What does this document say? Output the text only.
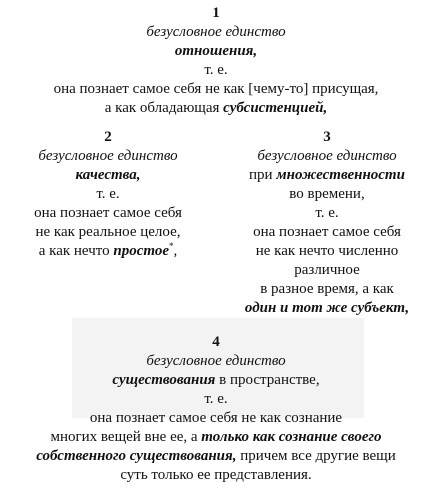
1
безусловное единство
отношения,
т. е.
она познает самое себя не как [чему-то] присущая,
а как обладающая субсистенцией,
2
безусловное единство
качества,
т. е.
она познает самое себя
не как реальное целое,
а как нечто простое*,
3
безусловное единство
при множественности
во времени,
т. е.
она познает самое себя
не как нечто численно
различное
в разное время, а как
один и тот же субъект,
4
безусловное единство
существования в пространстве,
т. е.
она познает самое себя не как сознание
многих вещей вне ее, а только как сознание своего
собственного существования, причем все другие вещи
суть только ее представления.
